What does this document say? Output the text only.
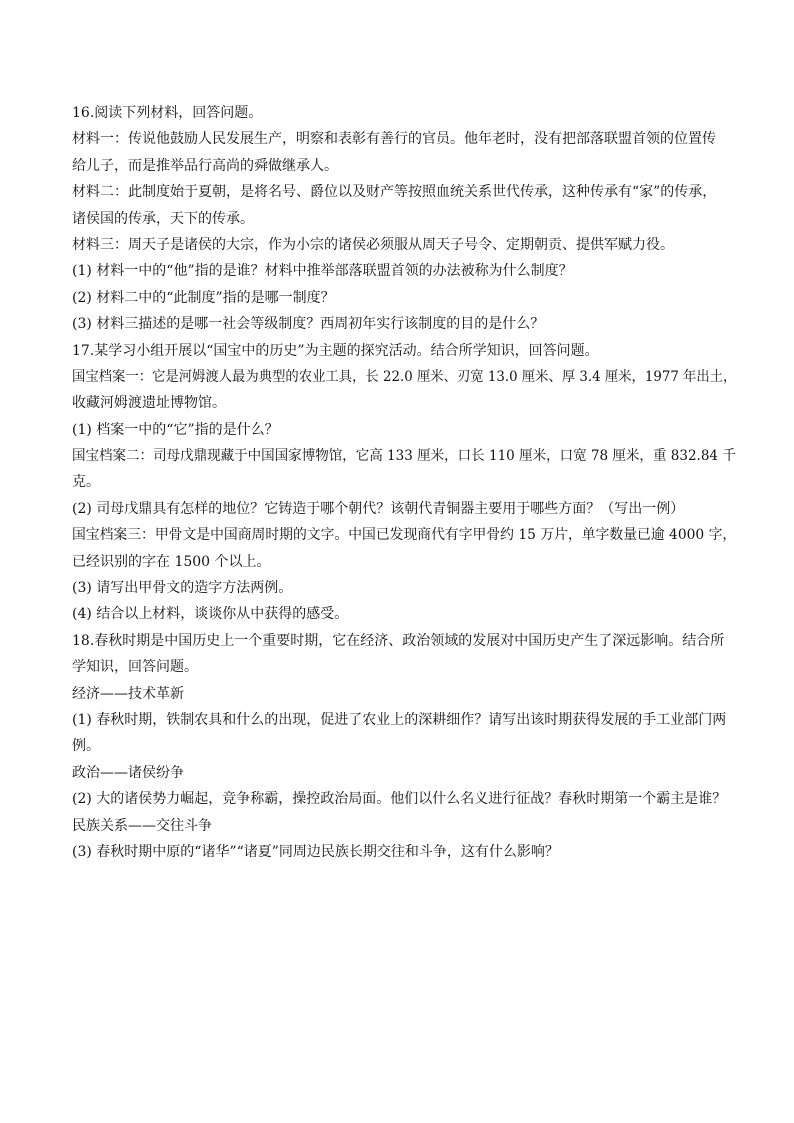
16.阅读下列材料，回答问题。
材料一：传说他鼓励人民发展生产，明察和表彰有善行的官员。他年老时，没有把部落联盟首领的位置传
给儿子，而是推举品行高尚的舜做继承人。
材料二：此制度始于夏朝，是将名号、爵位以及财产等按照血统关系世代传承，这种传承有“家”的传承，
诸侯国的传承，天下的传承。
材料三：周天子是诸侯的大宗，作为小宗的诸侯必须服从周天子号令、定期朝贡、提供军赋力役。
(1) 材料一中的“他”指的是谁？材料中推举部落联盟首领的办法被称为什么制度？
(2) 材料二中的“此制度”指的是哪一制度？
(3) 材料三描述的是哪一社会等级制度？西周初年实行该制度的目的是什么？
17.某学习小组开展以“国宝中的历史”为主题的探究活动。结合所学知识，回答问题。
国宝档案一：它是河姆渡人最为典型的农业工具，长 22.0 厘米、刃宽 13.0 厘米、厚 3.4 厘米，1977 年出土，
收藏河姆渡遗址博物馆。
(1) 档案一中的“它”指的是什么？
国宝档案二：司母戊鼎现藏于中国国家博物馆，它高 133 厘米，口长 110 厘米，口宽 78 厘米，重 832.84 千
克。
(2) 司母戊鼎具有怎样的地位？它铸造于哪个朝代？该朝代青铜器主要用于哪些方面？（写出一例）
国宝档案三：甲骨文是中国商周时期的文字。中国已发现商代有字甲骨约 15 万片，单字数量已逾 4000 字，
已经识别的字在 1500 个以上。
(3) 请写出甲骨文的造字方法两例。
(4) 结合以上材料，谈谈你从中获得的感受。
18.春秋时期是中国历史上一个重要时期，它在经济、政治领域的发展对中国历史产生了深远影响。结合所
学知识，回答问题。
经济——技术革新
(1) 春秋时期，铁制农具和什么的出现，促进了农业上的深耕细作？请写出该时期获得发展的手工业部门两
例。
政治——诸侯纷争
(2) 大的诸侯势力崛起，竞争称霸，操控政治局面。他们以什么名义进行征战？春秋时期第一个霸主是谁？
民族关系——交往斗争
(3) 春秋时期中原的“诸华”“诸夏”同周边民族长期交往和斗争，这有什么影响？
